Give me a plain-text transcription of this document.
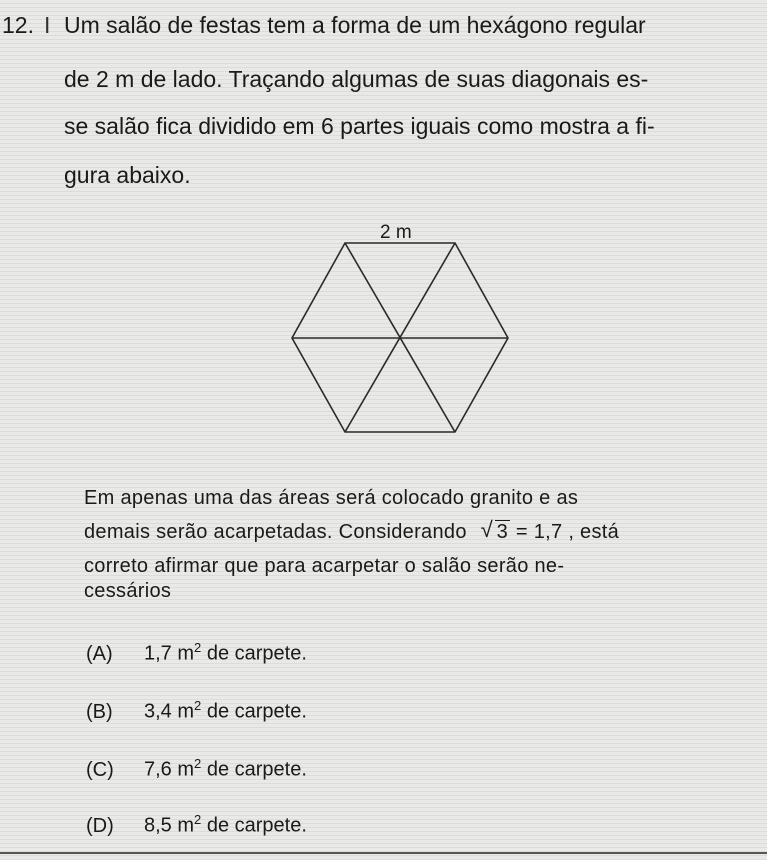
12. I Um salão de festas tem a forma de um hexágono regular
de 2 m de lado. Traçando algumas de suas diagonais es-
se salão fica dividido em 6 partes iguais como mostra a fi-
gura abaixo.
2 m
Em apenas uma das áreas será colocado granito e as
demais serão acarpetadas. Considerando √ 3 = 1,7 , está
correto afirmar que para acarpetar o salão serão ne-
cessários
(A) 1,7 $m^2$ de carpete.
(B) 3,4 $m^2$ de carpete.
(C) 7,6 $m^2$ de carpete.
(D) 8,5 $m^2$ de carpete.
